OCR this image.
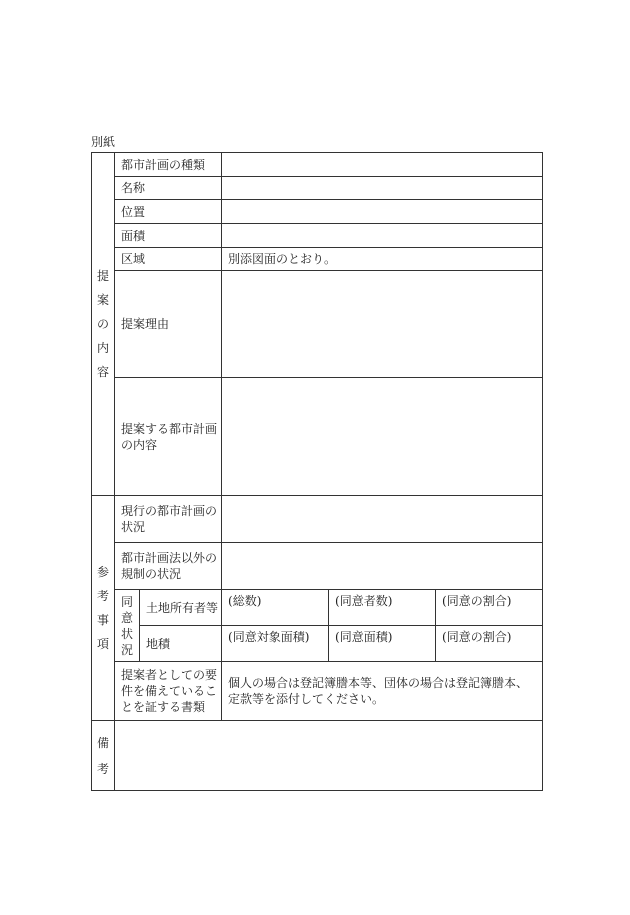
別紙
提
案
の
内
容	都市計画の種類				
	名称				
	位置				
	面積				
	区域		別添図面のとおり。		
	提案理由				
	提案する都市計画の内容				

参
考
事
項	現行の都市計画の状況				
	都市計画法以外の規制の状況				

	同
意
状
況	土地所有者等	(総数)	(同意者数)	(同意の割合)
		地積	(同意対象面積)	(同意面積)	(同意の割合)
	提案者としての要件を備えていることを証する書類		個人の場合は登記簿謄本等、団体の場合は登記簿謄本、定款等を添付してください。		

備
考					
